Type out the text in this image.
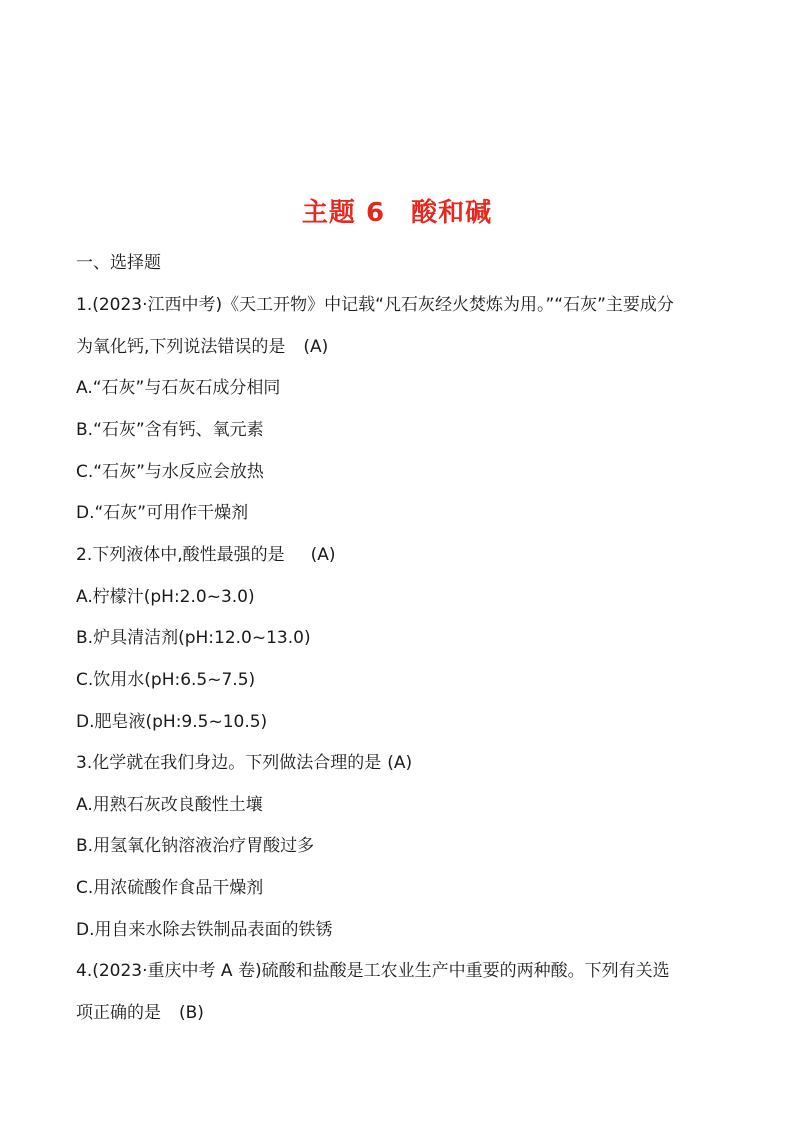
主题 6 酸和碱
一、选择题
1.(2023·江西中考)《天工开物》中记载“凡石灰经火焚炼为用。”“石灰”主要成分
为氧化钙,下列说法错误的是 (A)
A.“石灰”与石灰石成分相同
B.“石灰”含有钙、氧元素
C.“石灰”与水反应会放热
D.“石灰”可用作干燥剂
2.下列液体中,酸性最强的是 (A)
A.柠檬汁(pH:2.0~3.0)
B.炉具清洁剂(pH:12.0~13.0)
C.饮用水(pH:6.5~7.5)
D.肥皂液(pH:9.5~10.5)
3.化学就在我们身边。下列做法合理的是 (A)
A.用熟石灰改良酸性土壤
B.用氢氧化钠溶液治疗胃酸过多
C.用浓硫酸作食品干燥剂
D.用自来水除去铁制品表面的铁锈
4.(2023·重庆中考 A 卷)硫酸和盐酸是工农业生产中重要的两种酸。下列有关选
项正确的是 (B)
